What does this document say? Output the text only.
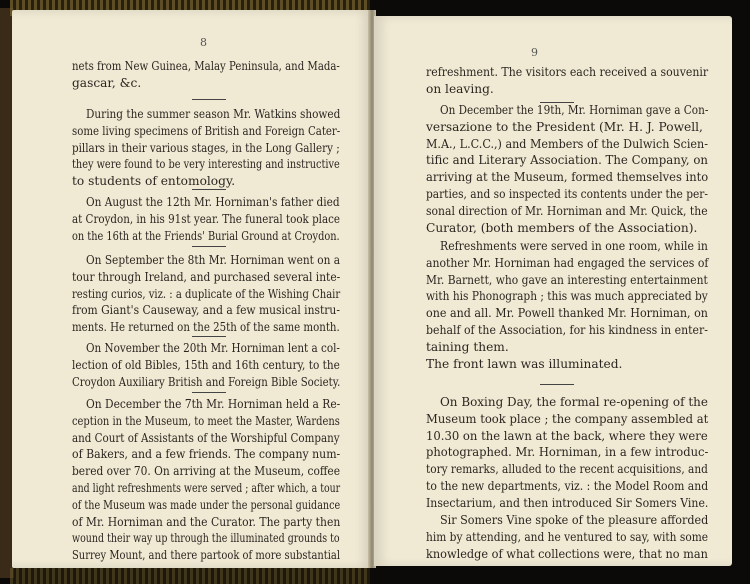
8
nets from New Guinea, Malay Peninsula, and Mada-
gascar, &c.
During the summer season Mr. Watkins showed
some living specimens of British and Foreign Cater-
pillars in their various stages, in the Long Gallery ;
they were found to be very interesting and instructive
to students of entomology.
On August the 12th Mr. Horniman's father died
at Croydon, in his 91st year. The funeral took place
on the 16th at the Friends' Burial Ground at Croydon.
On September the 8th Mr. Horniman went on a
tour through Ireland, and purchased several inte-
resting curios, viz. : a duplicate of the Wishing Chair
from Giant's Causeway, and a few musical instru-
ments. He returned on the 25th of the same month.
On November the 20th Mr. Horniman lent a col-
lection of old Bibles, 15th and 16th century, to the
Croydon Auxiliary British and Foreign Bible Society.
On December the 7th Mr. Horniman held a Re-
ception in the Museum, to meet the Master, Wardens
and Court of Assistants of the Worshipful Company
of Bakers, and a few friends. The company num-
bered over 70. On arriving at the Museum, coffee
and light refreshments were served ; after which, a tour
of the Museum was made under the personal guidance
of Mr. Horniman and the Curator. The party then
wound their way up through the illuminated grounds to
Surrey Mount, and there partook of more substantial
9
refreshment. The visitors each received a souvenir
on leaving.
On December the 19th, Mr. Horniman gave a Con-
versazione to the President (Mr. H. J. Powell,
M.A., L.C.C.,) and Members of the Dulwich Scien-
tific and Literary Association. The Company, on
arriving at the Museum, formed themselves into
parties, and so inspected its contents under the per-
sonal direction of Mr. Horniman and Mr. Quick, the
Curator, (both members of the Association).
Refreshments were served in one room, while in
another Mr. Horniman had engaged the services of
Mr. Barnett, who gave an interesting entertainment
with his Phonograph ; this was much appreciated by
one and all. Mr. Powell thanked Mr. Horniman, on
behalf of the Association, for his kindness in enter-
taining them.
The front lawn was illuminated.
On Boxing Day, the formal re-opening of the
Museum took place ; the company assembled at
10.30 on the lawn at the back, where they were
photographed. Mr. Horniman, in a few introduc-
tory remarks, alluded to the recent acquisitions, and
to the new departments, viz. : the Model Room and
Insectarium, and then introduced Sir Somers Vine.
Sir Somers Vine spoke of the pleasure afforded
him by attending, and he ventured to say, with some
knowledge of what collections were, that no man
